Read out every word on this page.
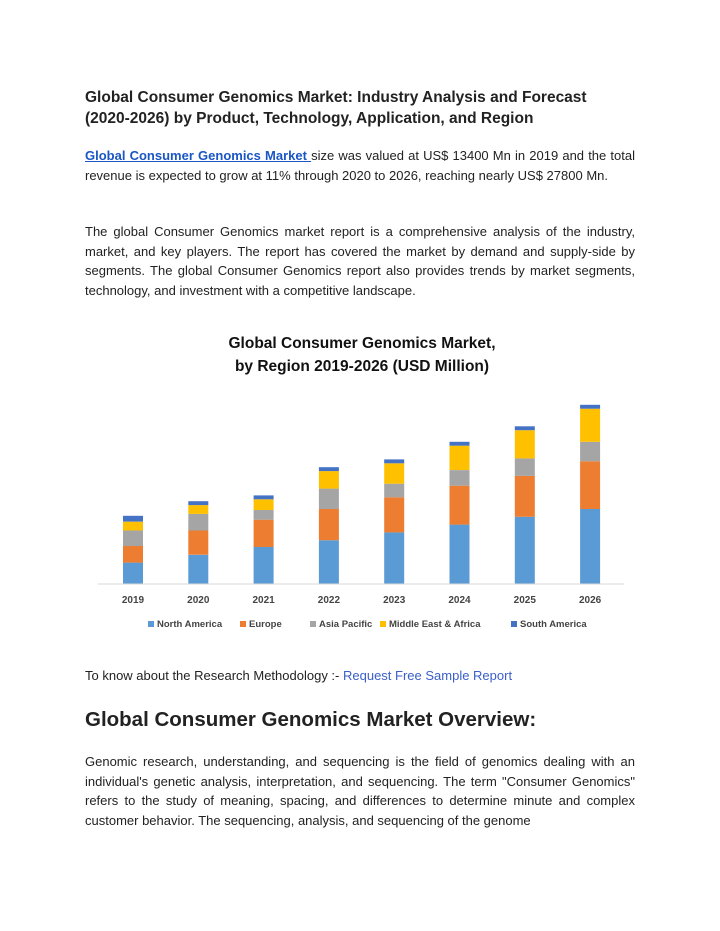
Global Consumer Genomics Market: Industry Analysis and Forecast (2020-2026) by Product, Technology, Application, and Region

Global Consumer Genomics Market size was valued at US$ 13400 Mn in 2019 and the total revenue is expected to grow at 11% through 2020 to 2026, reaching nearly US$ 27800 Mn.

The global Consumer Genomics market report is a comprehensive analysis of the industry, market, and key players. The report has covered the market by demand and supply-side by segments. The global Consumer Genomics report also provides trends by market segments, technology, and investment with a competitive landscape.

To know about the Research Methodology :- Request Free Sample Report
Global Consumer Genomics Market Overview:

Genomic research, understanding, and sequencing is the field of genomics dealing with an individual's genetic analysis, interpretation, and sequencing. The term "Consumer Genomics" refers to the study of meaning, spacing, and differences to determine minute and complex customer behavior. The sequencing, analysis, and sequencing of the genome

Global Consumer Genomics Market,
by Region 2019-2026 (USD Million)
2019	2020	2021	2022	2023	2024	2025	2026
North America	Europe	Asia Pacific Middle East & Africa	South America
